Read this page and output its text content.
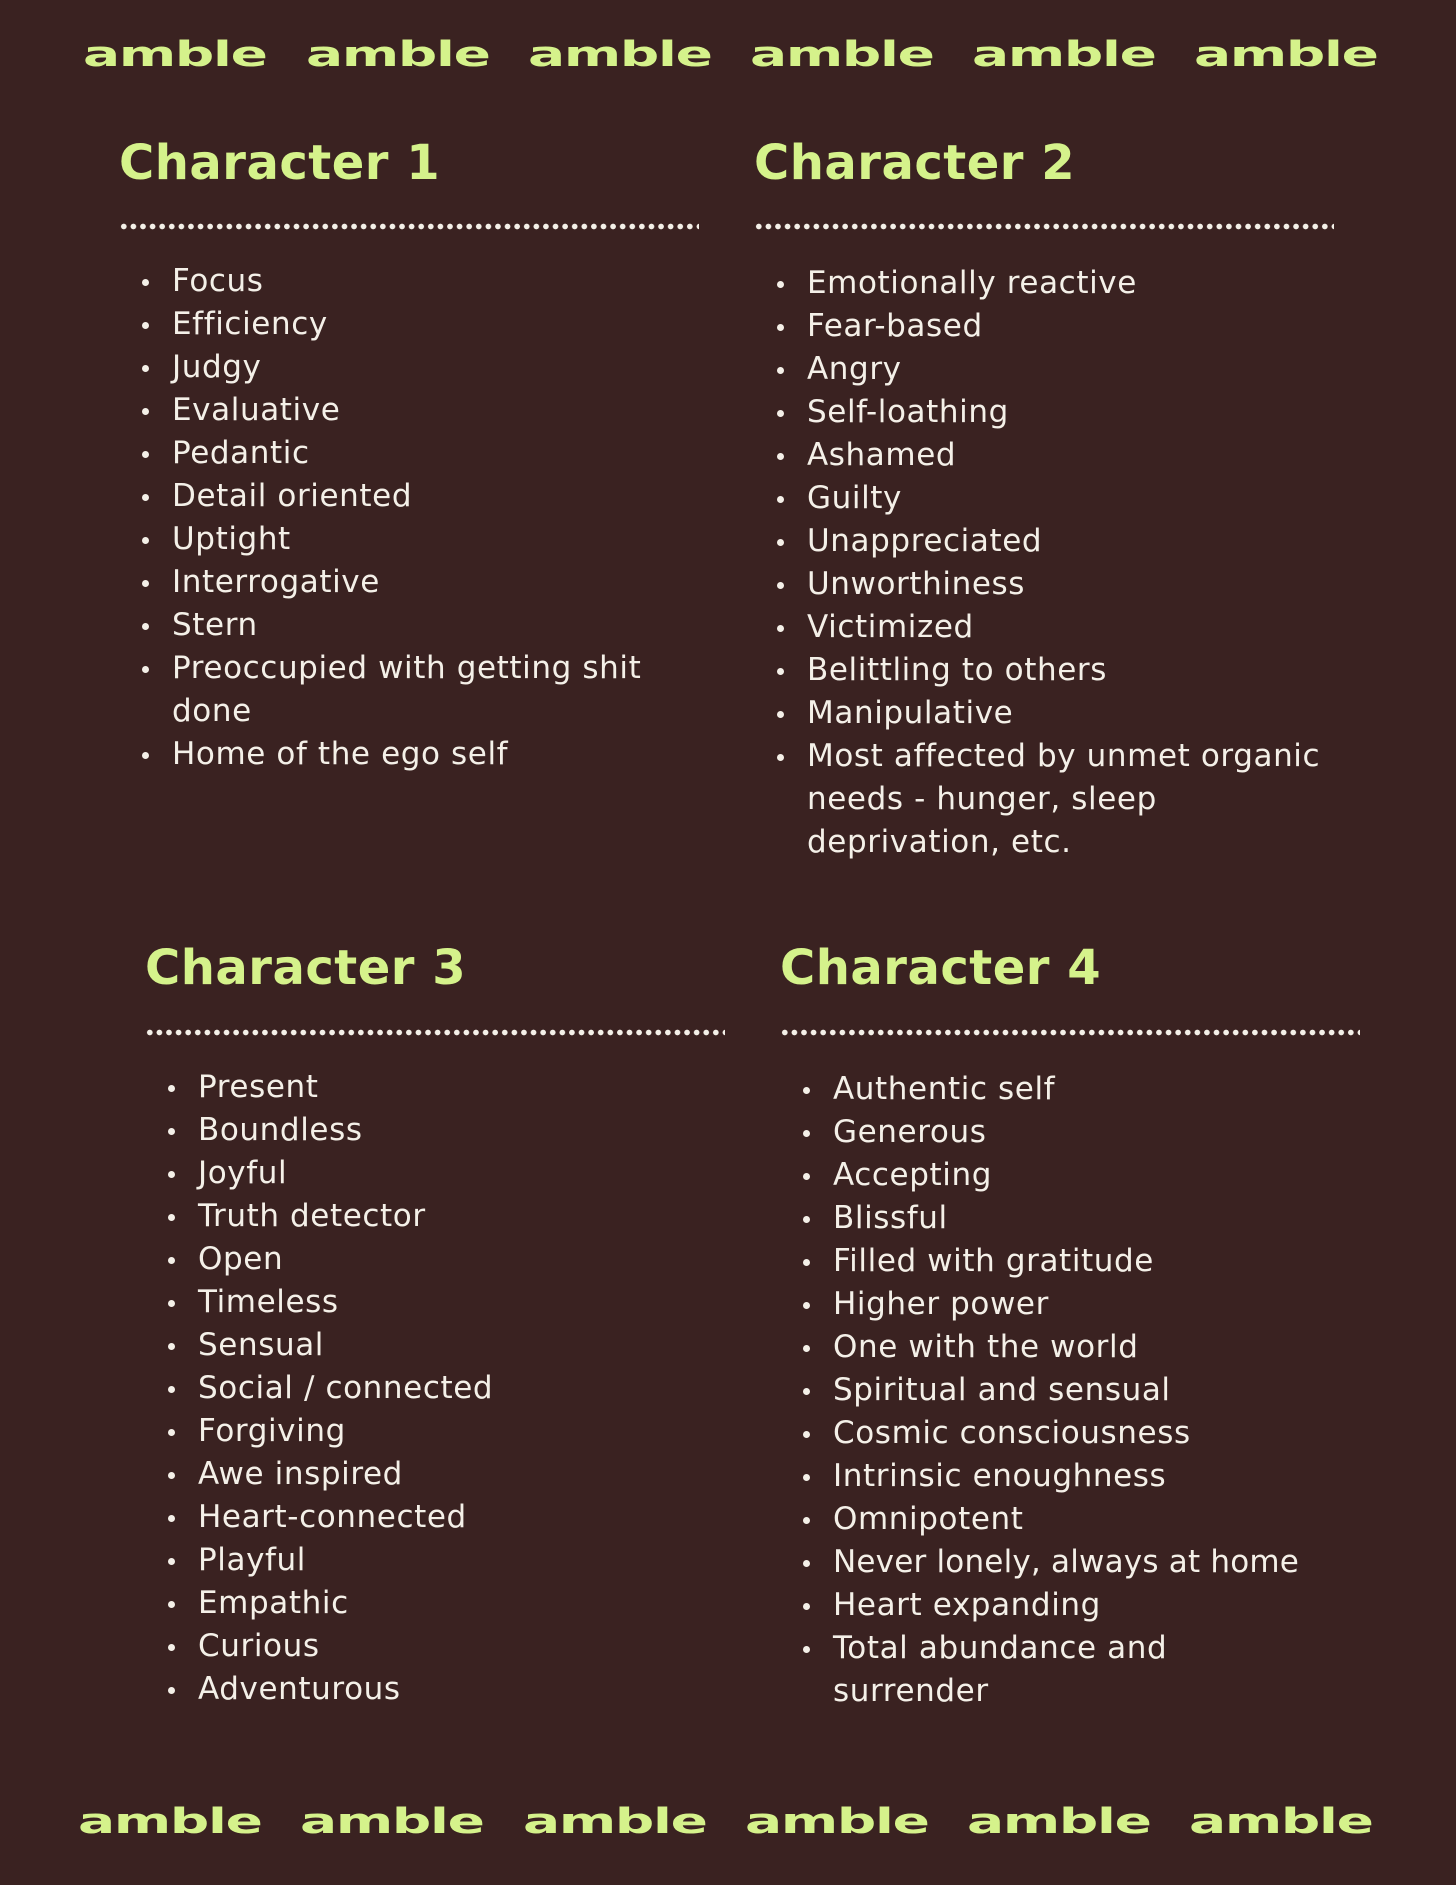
amble amble amble amble amble amble
Character 1
Focus
Efficiency
Judgy
Evaluative
Pedantic
Detail oriented
Uptight
Interrogative
Stern
Preoccupied with getting shit done
Home of the ego self
Character 2
Emotionally reactive
Fear-based
Angry
Self-loathing
Ashamed
Guilty
Unappreciated
Unworthiness
Victimized
Belittling to others
Manipulative
Most affected by unmet organic needs - hunger, sleep deprivation, etc.
Character 3
Present
Boundless
Joyful
Truth detector
Open
Timeless
Sensual
Social / connected
Forgiving
Awe inspired
Heart-connected
Playful
Empathic
Curious
Adventurous
Character 4
Authentic self
Generous
Accepting
Blissful
Filled with gratitude
Higher power
One with the world
Spiritual and sensual
Cosmic consciousness
Intrinsic enoughness
Omnipotent
Never lonely, always at home
Heart expanding
Total abundance and surrender
amble amble amble amble amble amble
